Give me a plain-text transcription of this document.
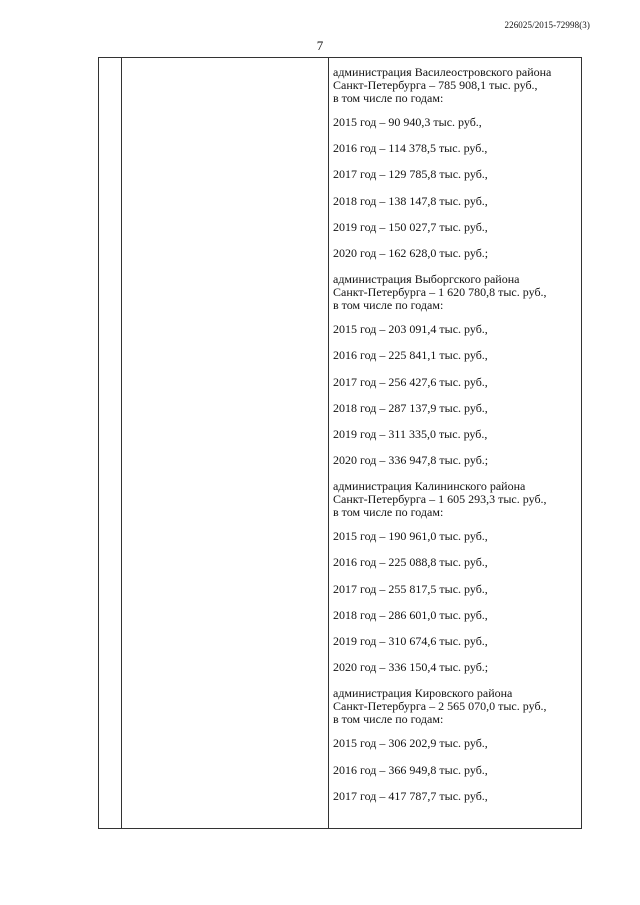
226025/2015-72998(3)
7
администрация Василеостровского района
Санкт-Петербурга – 785 908,1 тыс. руб.,
в том числе по годам:
2015 год – 90 940,3 тыс. руб.,
2016 год – 114 378,5 тыс. руб.,
2017 год – 129 785,8 тыс. руб.,
2018 год – 138 147,8 тыс. руб.,
2019 год – 150 027,7 тыс. руб.,
2020 год – 162 628,0 тыс. руб.;
администрация Выборгского района
Санкт-Петербурга – 1 620 780,8 тыс. руб.,
в том числе по годам:
2015 год – 203 091,4 тыс. руб.,
2016 год – 225 841,1 тыс. руб.,
2017 год – 256 427,6 тыс. руб.,
2018 год – 287 137,9 тыс. руб.,
2019 год – 311 335,0 тыс. руб.,
2020 год – 336 947,8 тыс. руб.;
администрация Калининского района
Санкт-Петербурга – 1 605 293,3 тыс. руб.,
в том числе по годам:
2015 год – 190 961,0 тыс. руб.,
2016 год – 225 088,8 тыс. руб.,
2017 год – 255 817,5 тыс. руб.,
2018 год – 286 601,0 тыс. руб.,
2019 год – 310 674,6 тыс. руб.,
2020 год – 336 150,4 тыс. руб.;
администрация Кировского района
Санкт-Петербурга – 2 565 070,0 тыс. руб.,
в том числе по годам:
2015 год – 306 202,9 тыс. руб.,
2016 год – 366 949,8 тыс. руб.,
2017 год – 417 787,7 тыс. руб.,
